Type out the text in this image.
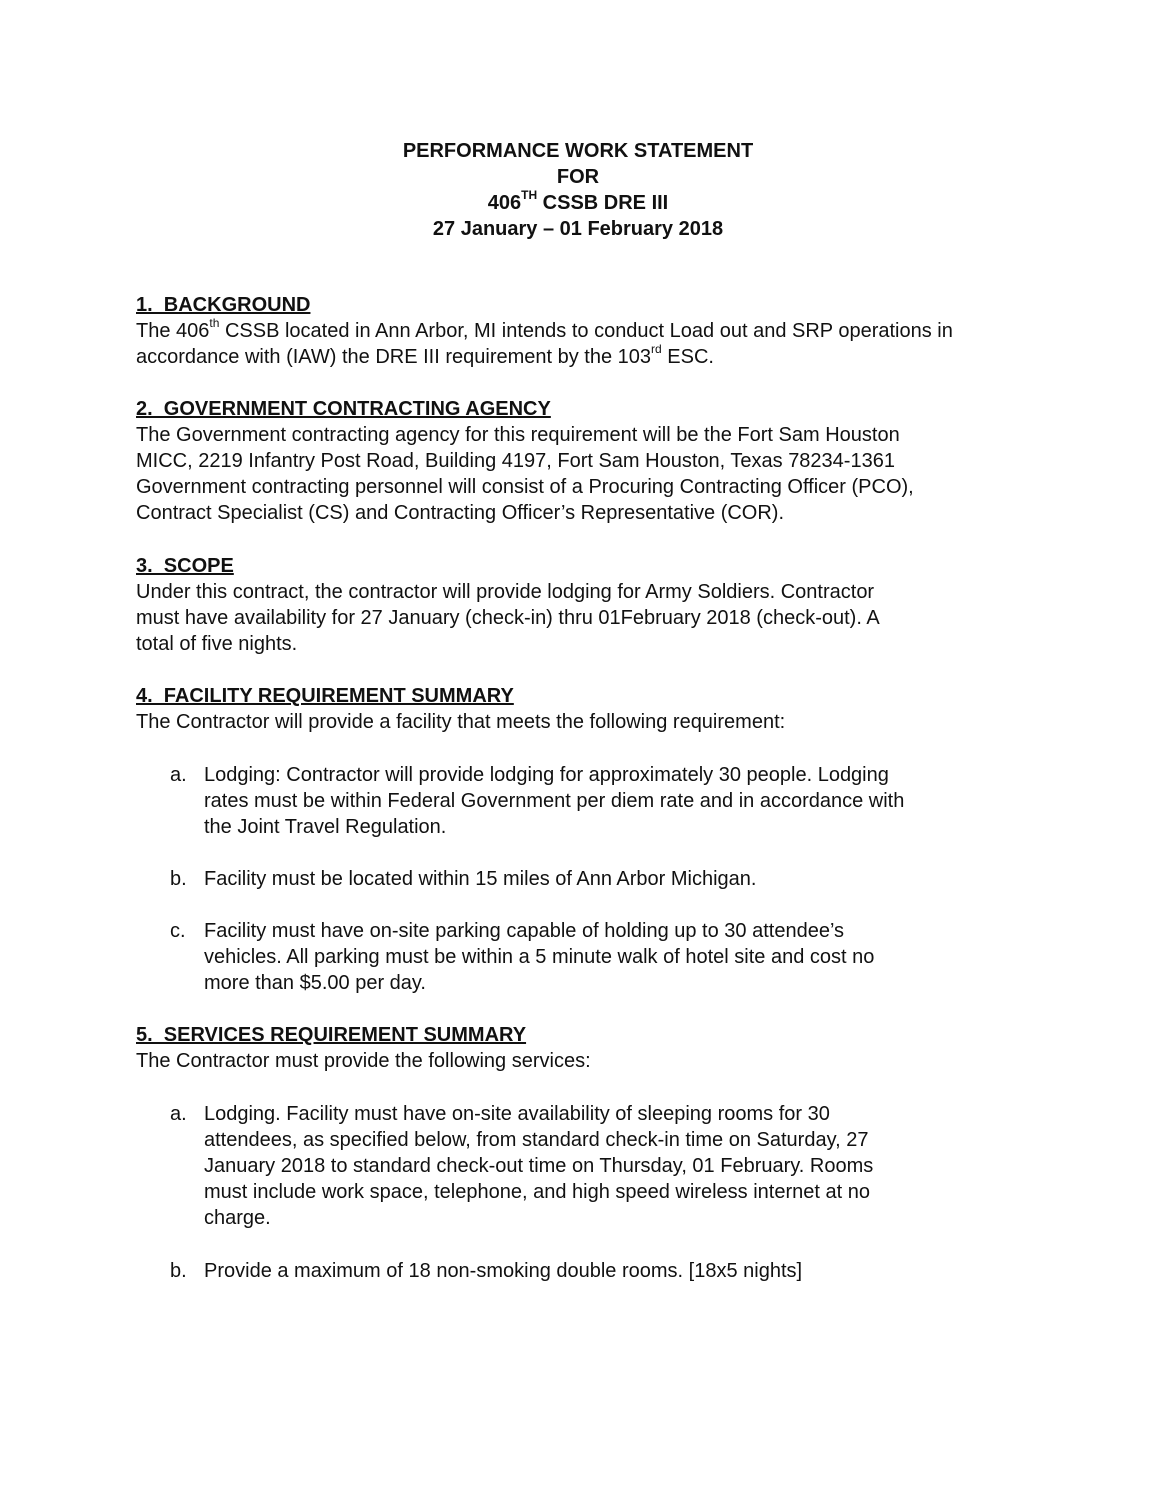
PERFORMANCE WORK STATEMENT
FOR
406TH CSSB DRE III
27 January – 01 February 2018
1.  BACKGROUND
The 406th CSSB located in Ann Arbor, MI intends to conduct Load out and SRP operations in accordance with (IAW) the DRE III requirement by the 103rd ESC.
2.  GOVERNMENT CONTRACTING AGENCY
The Government contracting agency for this requirement will be the Fort Sam Houston
MICC, 2219 Infantry Post Road, Building 4197, Fort Sam Houston, Texas 78234-1361
Government contracting personnel will consist of a Procuring Contracting Officer (PCO),
Contract Specialist (CS) and Contracting Officer’s Representative (COR).
3.  SCOPE
Under this contract, the contractor will provide lodging for Army Soldiers. Contractor
must have availability for 27 January (check-in) thru 01February 2018 (check-out). A
total of five nights.
4.  FACILITY REQUIREMENT SUMMARY
The Contractor will provide a facility that meets the following requirement:
a. Lodging: Contractor will provide lodging for approximately 30 people. Lodging
rates must be within Federal Government per diem rate and in accordance with
the Joint Travel Regulation.
b. Facility must be located within 15 miles of Ann Arbor Michigan.
c. Facility must have on-site parking capable of holding up to 30 attendee’s
vehicles. All parking must be within a 5 minute walk of hotel site and cost no
more than $5.00 per day.
5.  SERVICES REQUIREMENT SUMMARY
The Contractor must provide the following services:
a. Lodging. Facility must have on-site availability of sleeping rooms for 30
attendees, as specified below, from standard check-in time on Saturday, 27
January 2018 to standard check-out time on Thursday, 01 February. Rooms
must include work space, telephone, and high speed wireless internet at no
charge.
b. Provide a maximum of 18 non-smoking double rooms. [18x5 nights]
